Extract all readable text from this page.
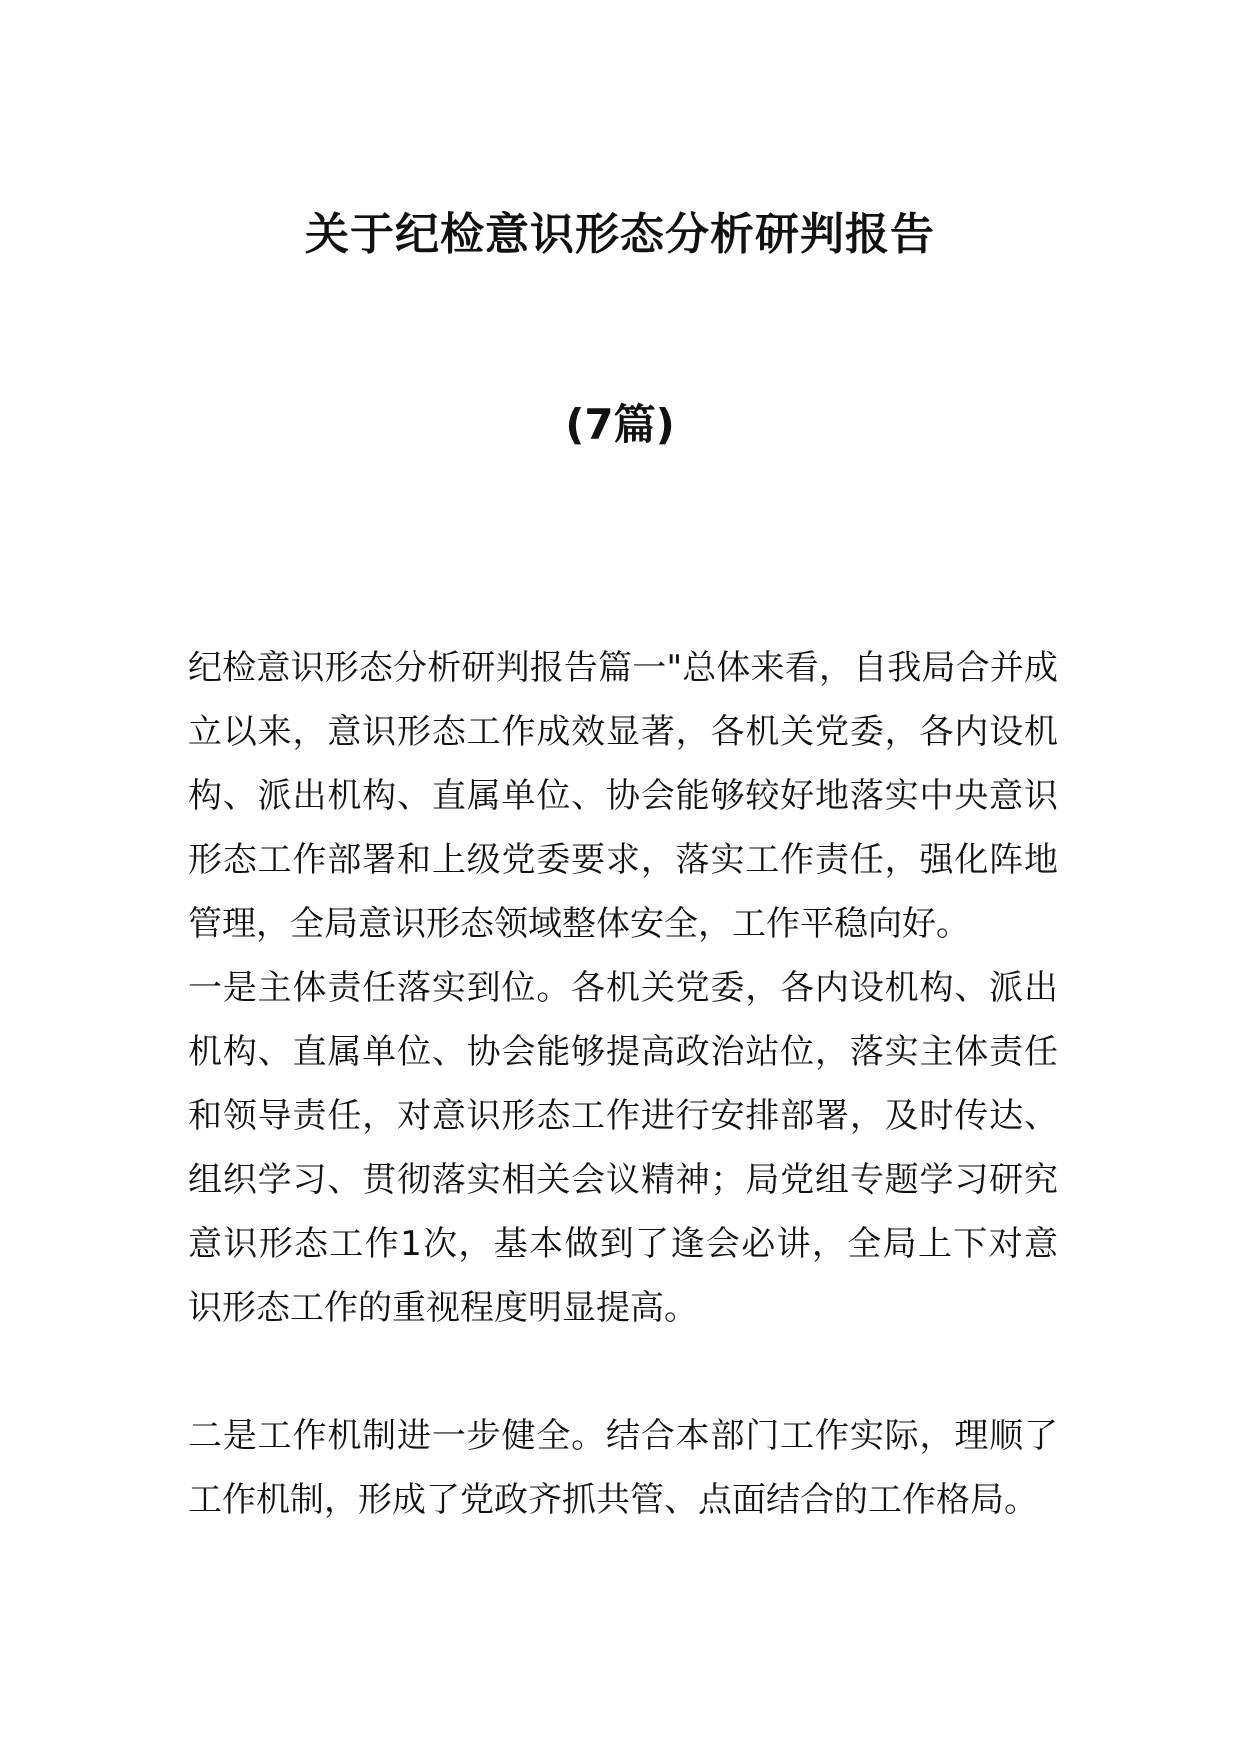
关于纪检意识形态分析研判报告
(7篇)

纪检意识形态分析研判报告篇一"总体来看，自我局合并成立以来，意识形态工作成效显著，各机关党委，各内设机构、派出机构、直属单位、协会能够较好地落实中央意识形态工作部署和上级党委要求，落实工作责任，强化阵地管理，全局意识形态领域整体安全，工作平稳向好。

一是主体责任落实到位。各机关党委，各内设机构、派出机构、直属单位、协会能够提高政治站位，落实主体责任和领导责任，对意识形态工作进行安排部署，及时传达、组织学习、贯彻落实相关会议精神；局党组专题学习研究意识形态工作1次，基本做到了逢会必讲，全局上下对意识形态工作的重视程度明显提高。

二是工作机制进一步健全。结合本部门工作实际，理顺了工作机制，形成了党政齐抓共管、点面结合的工作格局。
